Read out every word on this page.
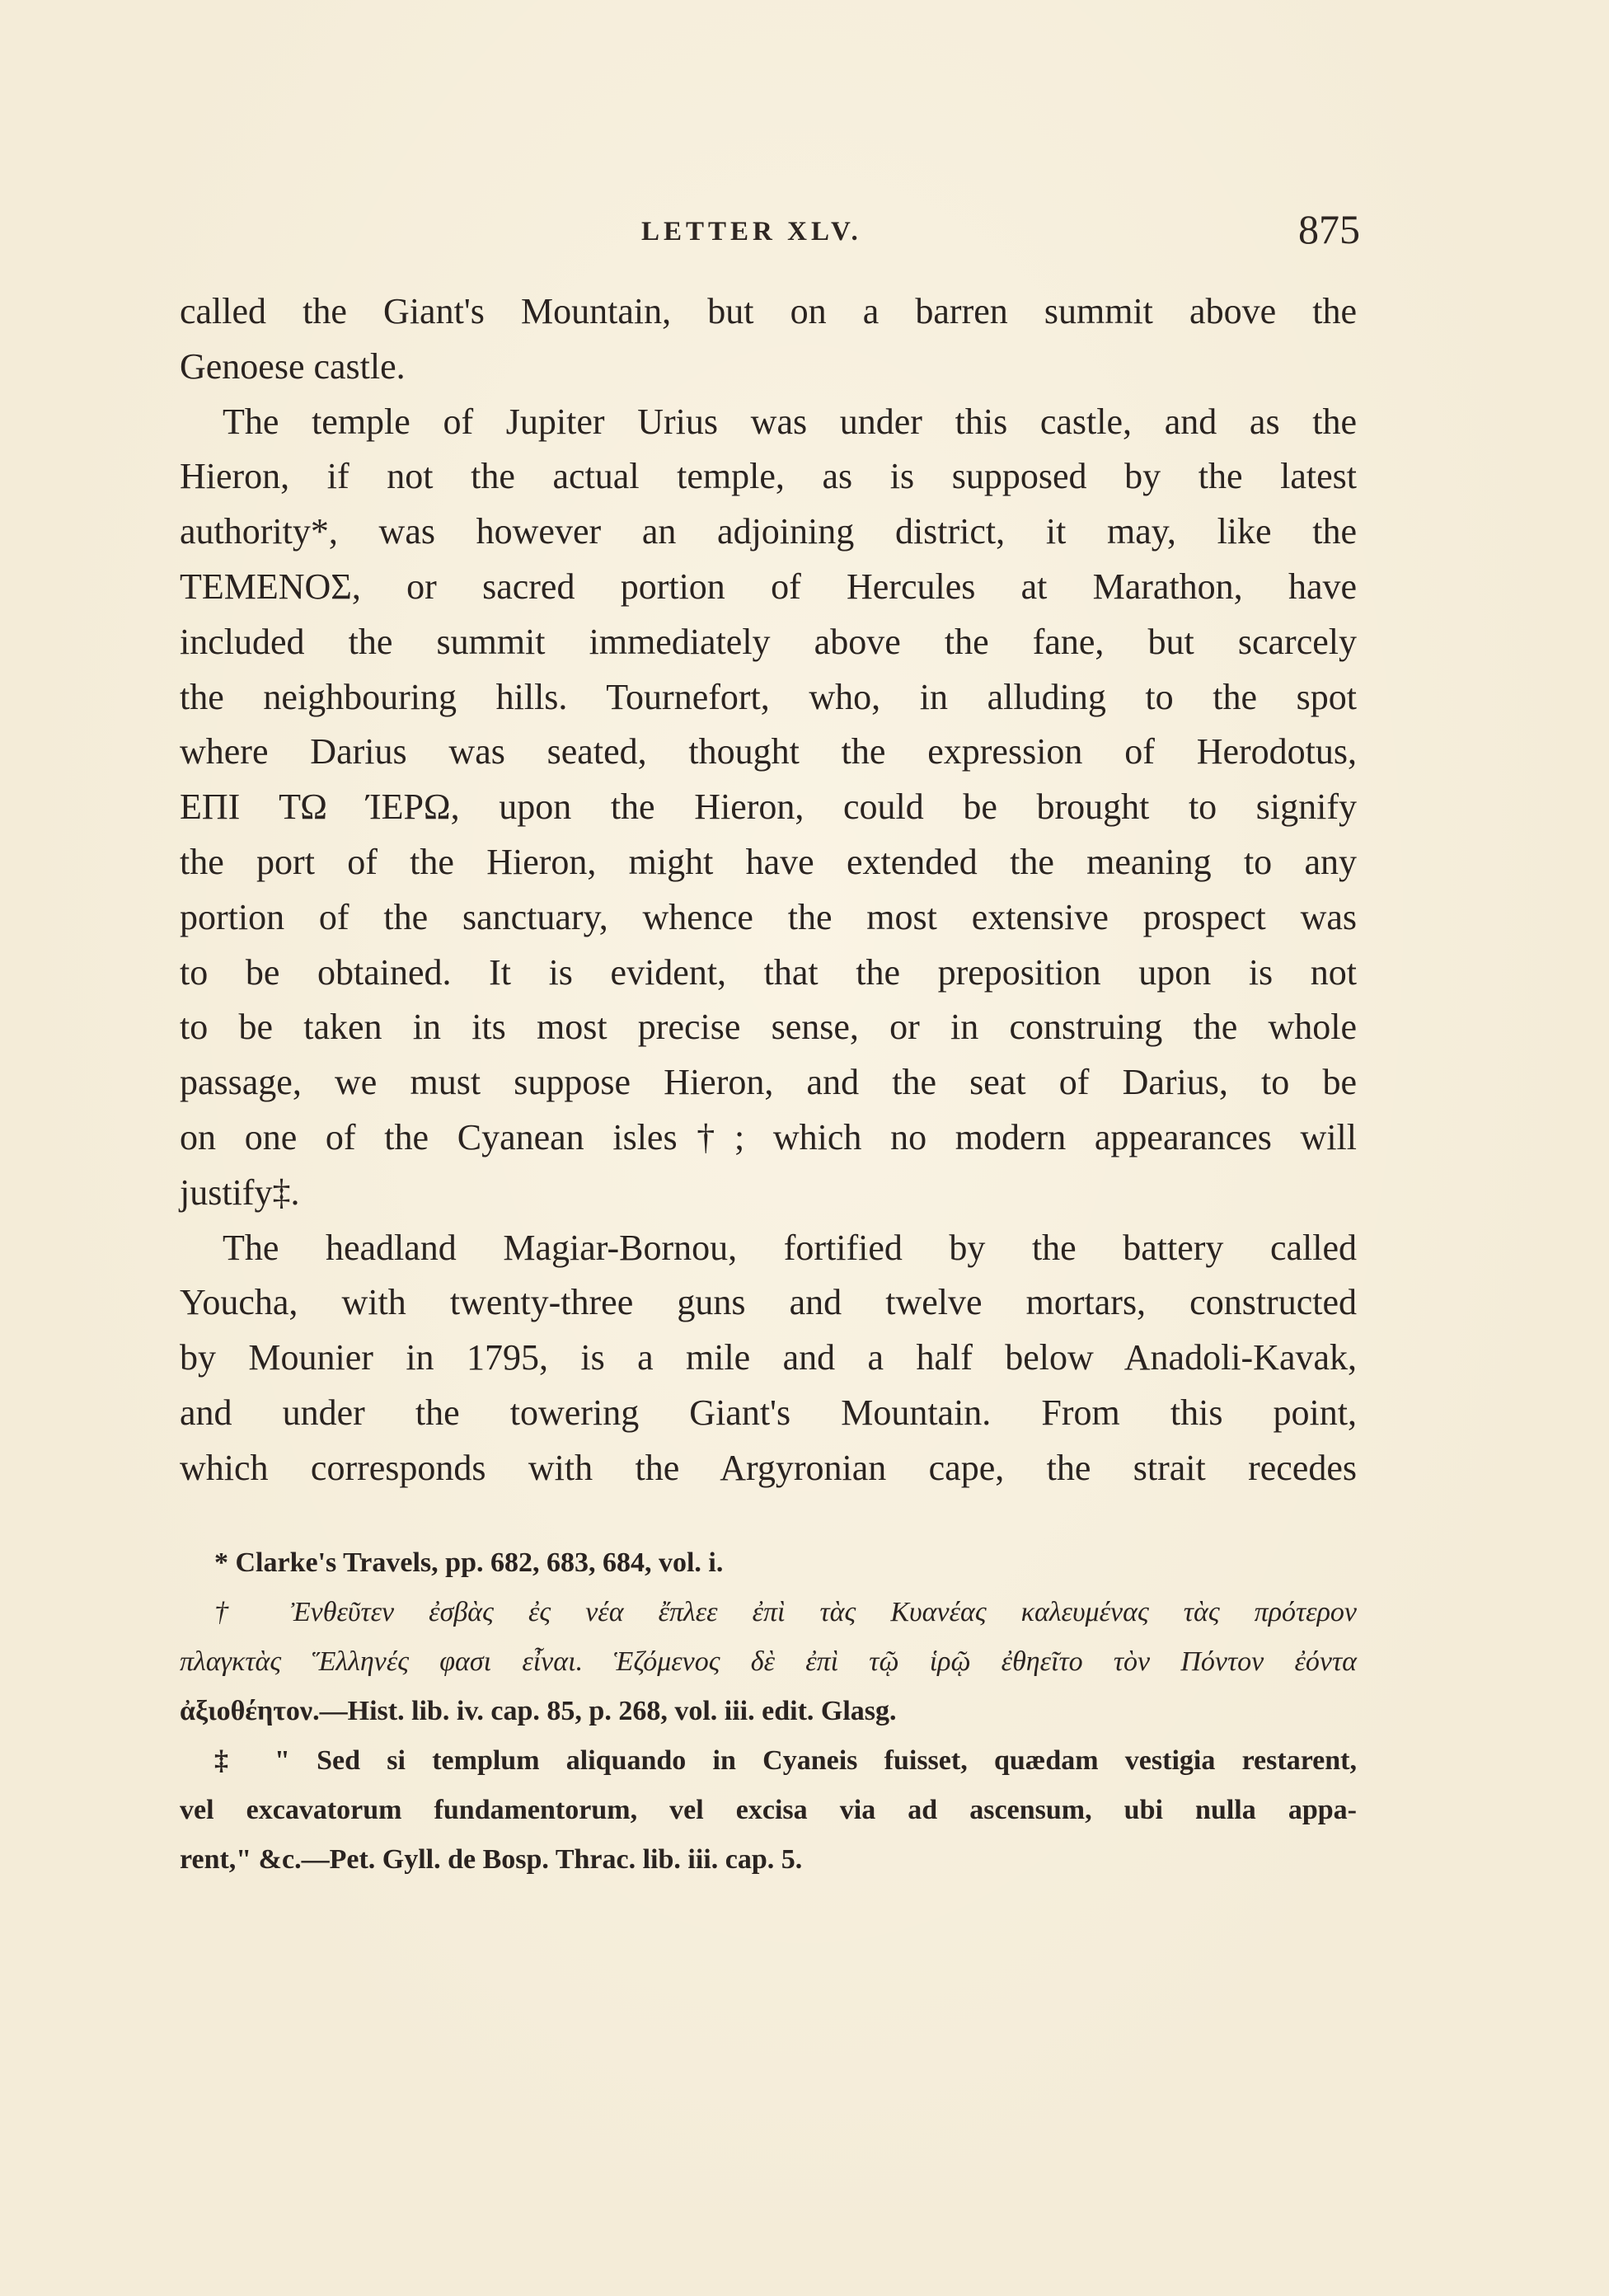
LETTER XLV.	875
called the Giant's Mountain, but on a barren summit above the
Genoese castle.
The temple of Jupiter Urius was under this castle, and as the
Hieron, if not the actual temple, as is supposed by the latest
authority*, was however an adjoining district, it may, like the
TEMENOΣ, or sacred portion of Hercules at Marathon, have
included the summit immediately above the fane, but scarcely
the neighbouring hills. Tournefort, who, in alluding to the spot
where Darius was seated, thought the expression of Herodotus,
ΕΠΙ ΤΩ ΊΕΡΩ, upon the Hieron, could be brought to signify
the port of the Hieron, might have extended the meaning to any
portion of the sanctuary, whence the most extensive prospect was
to be obtained. It is evident, that the preposition upon is not
to be taken in its most precise sense, or in construing the whole
passage, we must suppose Hieron, and the seat of Darius, to be
on one of the Cyanean isles†; which no modern appearances will
justify‡.
The headland Magiar-Bornou, fortified by the battery called
Youcha, with twenty-three guns and twelve mortars, constructed
by Mounier in 1795, is a mile and a half below Anadoli-Kavak,
and under the towering Giant's Mountain. From this point,
which corresponds with the Argyronian cape, the strait recedes
* Clarke's Travels, pp. 682, 683, 684, vol. i.
† Ἐνθεῦτεν ἐσβὰς ἐς νέα ἔπλεε ἐπὶ τὰς Κυανέας καλευμένας τὰς πρότερον
πλαγκτὰς Ἕλληνές φασι εἶναι. Ἑζόμενος δὲ ἐπὶ τῷ ἱρῷ ἐθηεῖτο τὸν Πόντον ἐόντα
ἀξιοθέητον.—Hist. lib. iv. cap. 85, p. 268, vol. iii. edit. Glasg.
‡ " Sed si templum aliquando in Cyaneis fuisset, quædam vestigia restarent,
vel excavatorum fundamentorum, vel excisa via ad ascensum, ubi nulla appa-
rent," &c.—Pet. Gyll. de Bosp. Thrac. lib. iii. cap. 5.
